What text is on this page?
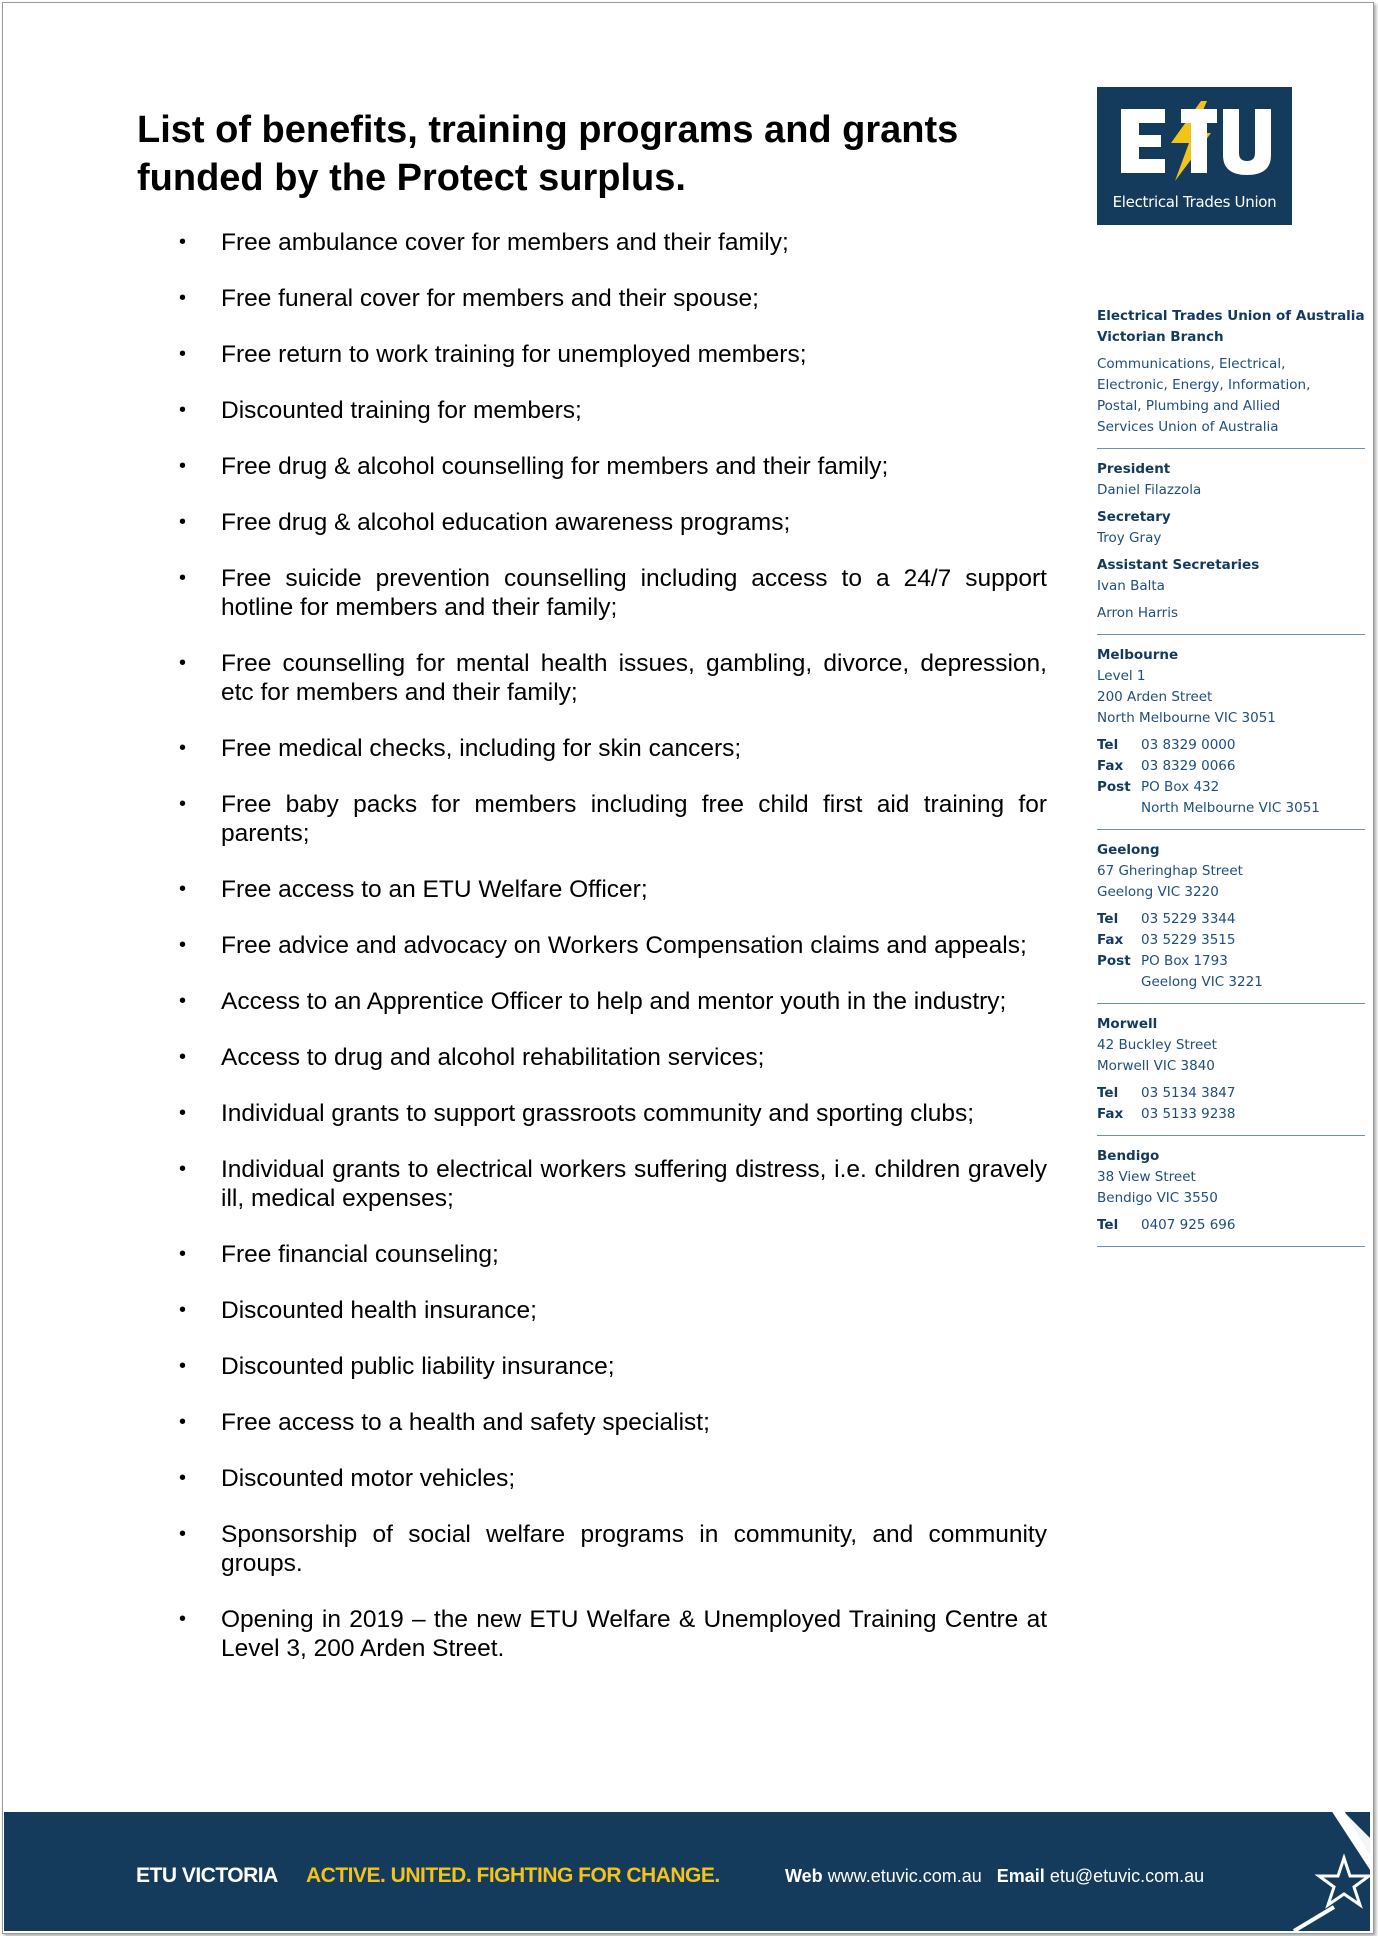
List of benefits, training programs and grants funded by the Protect surplus.
•	Free ambulance cover for members and their family;
•	Free funeral cover for members and their spouse;
•	Free return to work training for unemployed members;
•	Discounted training for members;
•	Free drug & alcohol counselling for members and their family;
•	Free drug & alcohol education awareness programs;
•	Free suicide prevention counselling including access to a 24/7 support hotline for members and their family;
•	Free counselling for mental health issues, gambling, divorce, depression, etc for members and their family;
•	Free medical checks, including for skin cancers;
•	Free baby packs for members including free child first aid training for parents;
•	Free access to an ETU Welfare Officer;
•	Free advice and advocacy on Workers Compensation claims and appeals;
•	Access to an Apprentice Officer to help and mentor youth in the industry;
•	Access to drug and alcohol rehabilitation services;
•	Individual grants to support grassroots community and sporting clubs;
•	Individual grants to electrical workers suffering distress, i.e. children gravely ill, medical expenses;
•	Free financial counseling;
•	Discounted health insurance;
•	Discounted public liability insurance;
•	Free access to a health and safety specialist;
•	Discounted motor vehicles;
•	Sponsorship of social welfare programs in community, and community groups.
•	Opening in 2019 – the new ETU Welfare & Unemployed Training Centre at Level 3, 200 Arden Street.
Electrical Trades Union
Electrical Trades Union of Australia
Victorian Branch
Communications, Electrical,
Electronic, Energy, Information,
Postal, Plumbing and Allied
Services Union of Australia
President
Daniel Filazzola
Secretary
Troy Gray
Assistant Secretaries
Ivan Balta
Arron Harris
Melbourne
Level 1
200 Arden Street
North Melbourne VIC 3051
Tel	03 8329 0000
Fax	03 8329 0066
Post PO Box 432
North Melbourne VIC 3051
Geelong
67 Gheringhap Street
Geelong VIC 3220
Tel	03 5229 3344
Fax	03 5229 3515
Post PO Box 1793
Geelong VIC 3221
Morwell
42 Buckley Street
Morwell VIC 3840
Tel	03 5134 3847
Fax	03 5133 9238
Bendigo
38 View Street
Bendigo VIC 3550
Tel	0407 925 696
ETU VICTORIA ACTIVE. UNITED. FIGHTING FOR CHANGE.	Web www.etuvic.com.au Email etu@etuvic.com.au
